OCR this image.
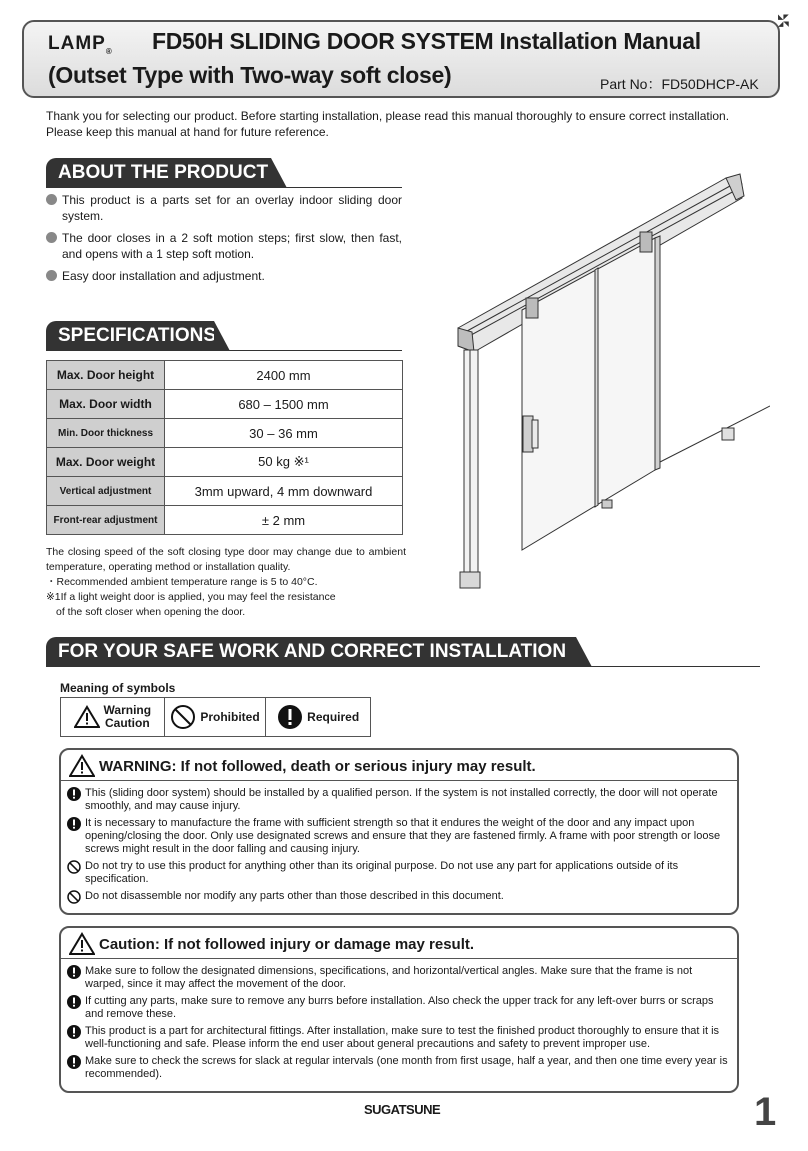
◣◤
◢◥
$LAMP_®$ FD50H SLIDING DOOR SYSTEM Installation Manual
(Outset Type with Two-way soft close)	Part No：FD50DHCP-AK
Thank you for selecting our product. Before starting installation, please read this manual thoroughly to ensure correct installation. Please keep this manual at hand for future reference.
ABOUT THE PRODUCT
This product is a parts set for an overlay indoor sliding door system.
The door closes in a 2 soft motion steps; first slow, then fast, and opens with a 1 step soft motion.
Easy door installation and adjustment.
SPECIFICATIONS
Max. Door height	2400 mm
Max. Door width	680 – 1500 mm
Min. Door thickness	30 – 36 mm
Max. Door weight	50 kg ※¹
Vertical adjustment	3mm upward, 4 mm downward
Front-rear adjustment	± 2 mm
The closing speed of the soft closing type door may change due to ambient temperature, operating method or installation quality.
・Recommended ambient temperature range is 5 to 40°C.
※1If a light weight door is applied, you may feel the resistance
of the soft closer when opening the door.
FOR YOUR SAFE WORK AND CORRECT INSTALLATION
Meaning of symbols
Warning
Caution	Prohibited	Required
WARNING: If not followed, death or serious injury may result.
This (sliding door system) should be installed by a qualified person. If the system is not installed correctly, the door will not operate smoothly, and may cause injury.
It is necessary to manufacture the frame with sufficient strength so that it endures the weight of the door and any impact upon opening/closing the door. Only use designated screws and ensure that they are fastened firmly. A frame with poor strength or loose screws might result in the door falling and causing injury.
Do not try to use this product for anything other than its original purpose. Do not use any part for applications outside of its specification.
Do not disassemble nor modify any parts other than those described in this document.
Caution: If not followed injury or damage may result.
Make sure to follow the designated dimensions, specifications, and horizontal/vertical angles. Make sure that the frame is not warped, since it may affect the movement of the door.
If cutting any parts, make sure to remove any burrs before installation. Also check the upper track for any left-over burrs or scraps and remove these.
This product is a part for architectural fittings. After installation, make sure to test the finished product thoroughly to ensure that it is well-functioning and safe. Please inform the end user about general precautions and safety to prevent improper use.
Make sure to check the screws for slack at regular intervals (one month from first usage, half a year, and then one time every year is recommended).
SUGATSUNE	1
